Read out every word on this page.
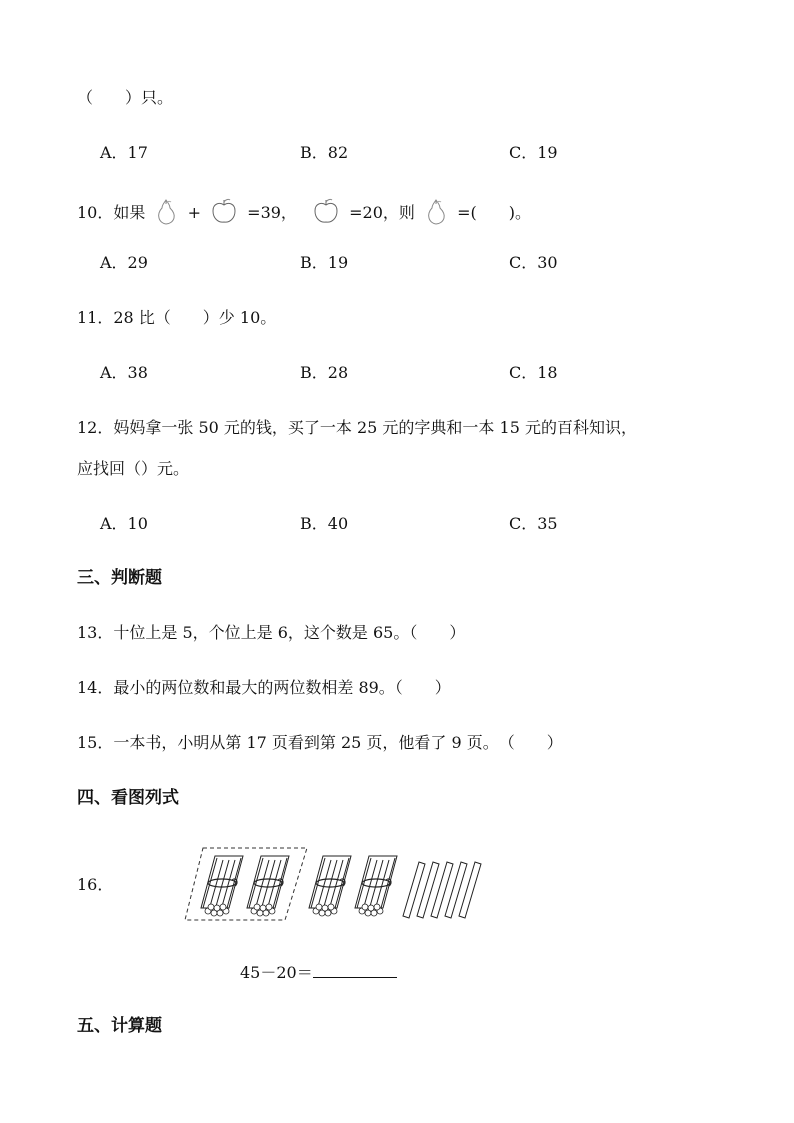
（　　）只。
A．17	B．82	C．19
10．如果	+	=39，	=20，则	=(　　)。
A．29	B．19	C．30
11．28 比（　　）少 10。
A．38	B．28	C．18
12．妈妈拿一张 50 元的钱，买了一本 25 元的字典和一本 15 元的百科知识，
应找回（）元。
A．10	B．40	C．35
三、判断题
13．十位上是 5，个位上是 6，这个数是 65。（　　）
14．最小的两位数和最大的两位数相差 89。（　　）
15．一本书，小明从第 17 页看到第 25 页，他看了 9 页。　（　　）
四、看图列式
16．
45－20＝
五、计算题
